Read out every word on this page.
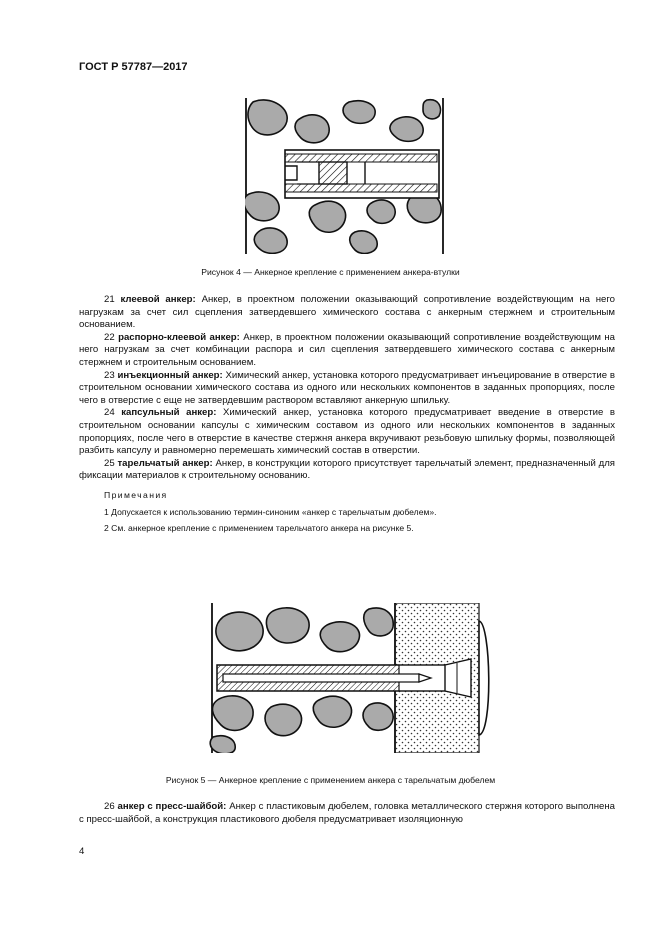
ГОСТ Р 57787—2017
Рисунок 4 — Анкерное крепление с применением анкера-втулки

21 клеевой анкер: Анкер, в проектном положении оказывающий сопротивление воздействующим на него нагрузкам за счет сил сцепления затвердевшего химического состава с анкерным стержнем и строительным основанием.

22 распорно-клеевой анкер: Анкер, в проектном положении оказывающий сопротивление воздействующим на него нагрузкам за счет комбинации распора и сил сцепления затвердевшего химического состава с анкерным стержнем и строительным основанием.

23 инъекционный анкер: Химический анкер, установка которого предусматривает инъецирование в отверстие в строительном основании химического состава из одного или нескольких компонентов в заданных пропорциях, после чего в отверстие с еще не затвердевшим раствором вставляют анкерную шпильку.

24 капсульный анкер: Химический анкер, установка которого предусматривает введение в отверстие в строительном основании капсулы с химическим составом из одного или нескольких компонентов в заданных пропорциях, после чего в отверстие в качестве стержня анкера вкручивают резьбовую шпильку формы, позволяющей разбить капсулу и равномерно перемешать химический состав в отверстии.

25 тарельчатый анкер: Анкер, в конструкции которого присутствует тарельчатый элемент, предназначенный для фиксации материалов к строительному основанию.

Примечания

1 Допускается к использованию термин-синоним «анкер с тарельчатым дюбелем».

2 См. анкерное крепление с применением тарельчатого анкера на рисунке 5.

Рисунок 5 — Анкерное крепление с применением анкера с тарельчатым дюбелем

26 анкер с пресс-шайбой: Анкер с пластиковым дюбелем, головка металлического стержня которого выполнена с пресс-шайбой, а конструкция пластикового дюбеля предусматривает изоляционную

4
